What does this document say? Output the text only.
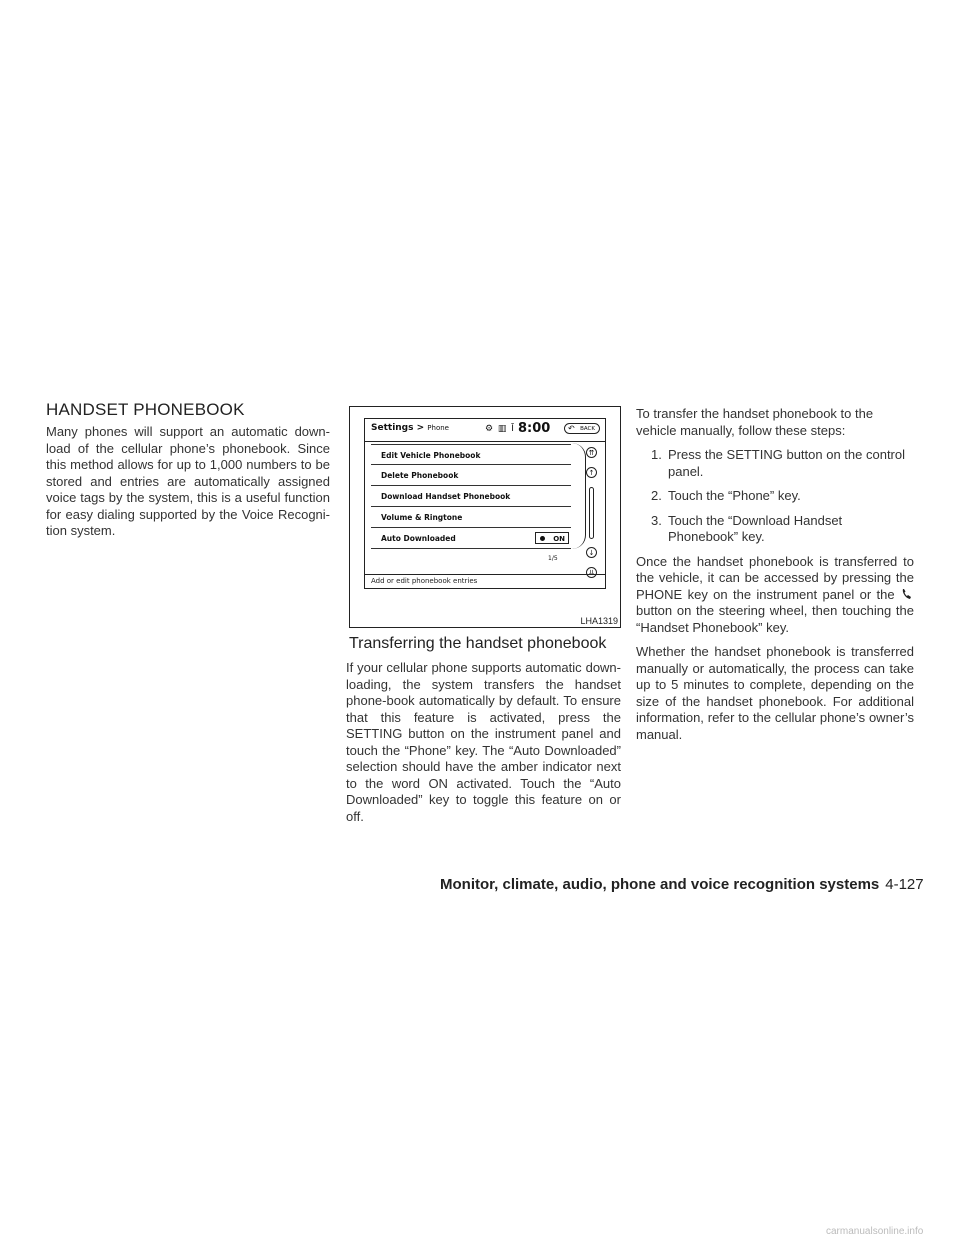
HANDSET PHONEBOOK

Many phones will support an automatic down-load of the cellular phone’s phonebook. Since this method allows for up to 1,000 numbers to be stored and entries are automatically assigned voice tags by the system, this is a useful function for easy dialing supported by the Voice Recogni-tion system.

Settings > Phone	⚙ ▥ Ῑ 8:00 ↶ BACK
Edit Vehicle Phonebook
Delete Phonebook
Download Handset Phonebook
Volume & Ringtone
Auto Downloaded	ON
⇈
↑
↓
⇊
1/5
Add or edit phonebook entries
LHA1319
Transferring the handset phonebook

If your cellular phone supports automatic down-loading, the system transfers the handset phone-book automatically by default. To ensure that this feature is activated, press the SETTING button on the instrument panel and touch the “Phone” key. The “Auto Downloaded” selection should have the amber indicator next to the word ON activated. Touch the “Auto Downloaded” key to toggle this feature on or off.

To transfer the handset phonebook to the vehicle manually, follow these steps:

1. Press the SETTING button on the control panel.
2. Touch the “Phone” key.
3. Touch the “Download Handset Phonebook” key.

Once the handset phonebook is transferred to the vehicle, it can be accessed by pressing the PHONE key on the instrument panel or the  button on the steering wheel, then touching the “Handset Phonebook” key.

Whether the handset phonebook is transferred manually or automatically, the process can take up to 5 minutes to complete, depending on the size of the handset phonebook. For additional information, refer to the cellular phone’s owner’s manual.

Monitor, climate, audio, phone and voice recognition systems 4-127
carmanualsonline.info
